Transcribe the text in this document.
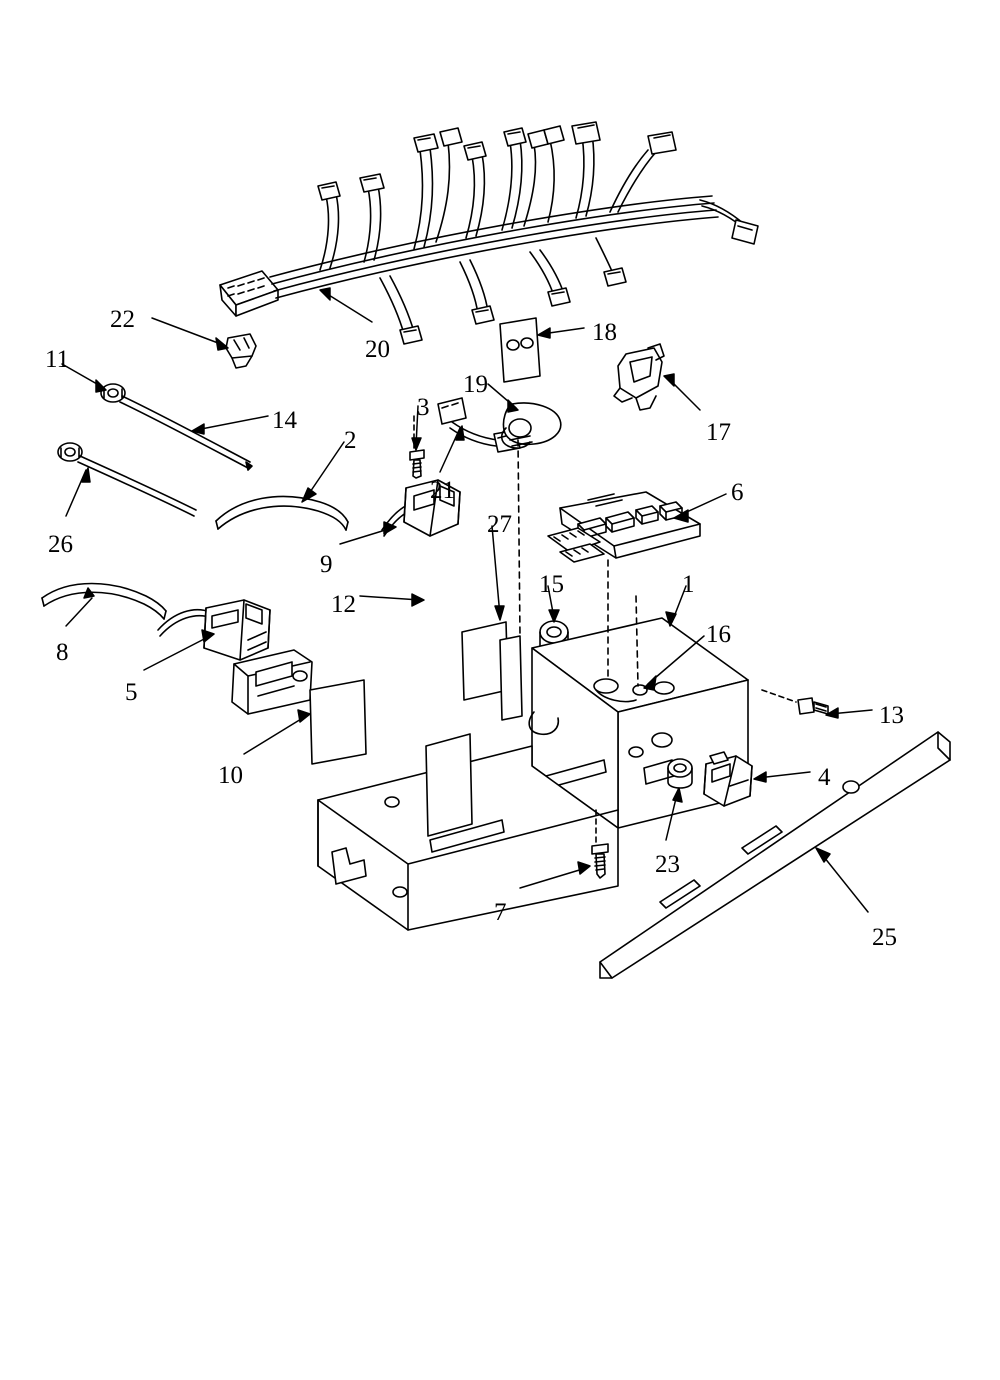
22
11	20
18
19
17
14	3
2
21
26
6
9
27
15	1
12
16
8
5
13
10	4
23
7
25
